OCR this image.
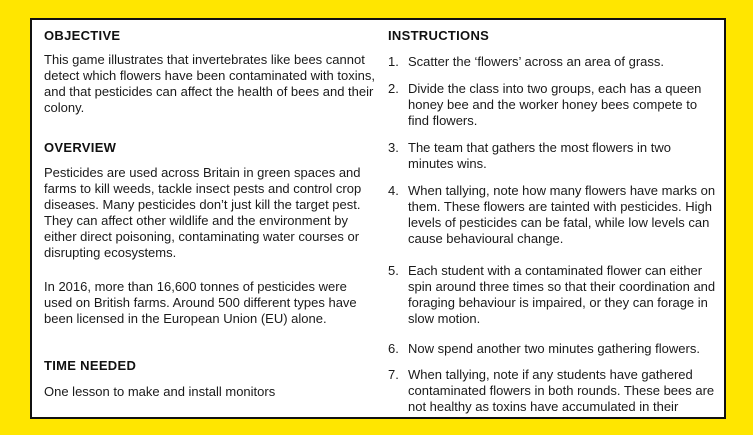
OBJECTIVE

This game illustrates that invertebrates like bees cannot detect which flowers have been contaminated with toxins, and that pesticides can affect the health of bees and their colony.

OVERVIEW

Pesticides are used across Britain in green spaces and farms to kill weeds, tackle insect pests and control crop diseases. Many pesticides don’t just kill the target pest. They can affect other wildlife and the environment by either direct poisoning, contaminating water courses or disrupting ecosystems.

In 2016, more than 16,600 tonnes of pesticides were used on British farms. Around 500 different types have been licensed in the European Union (EU) alone.

TIME NEEDED

One lesson to make and install monitors

INSTRUCTIONS
1. Scatter the ‘flowers’ across an area of grass.
2. Divide the class into two groups, each has a queen honey bee and the worker honey bees compete to find flowers.
3. The team that gathers the most flowers in two minutes wins.
4. When tallying, note how many flowers have marks on them. These flowers are tainted with pesticides. High levels of pesticides can be fatal, while low levels can cause behavioural change.
5. Each student with a contaminated flower can either spin around three times so that their coordination and foraging behaviour is impaired, or they can forage in slow motion.
6. Now spend another two minutes gathering flowers.
7. When tallying, note if any students have gathered contaminated flowers in both rounds. These bees are not healthy as toxins have accumulated in their
